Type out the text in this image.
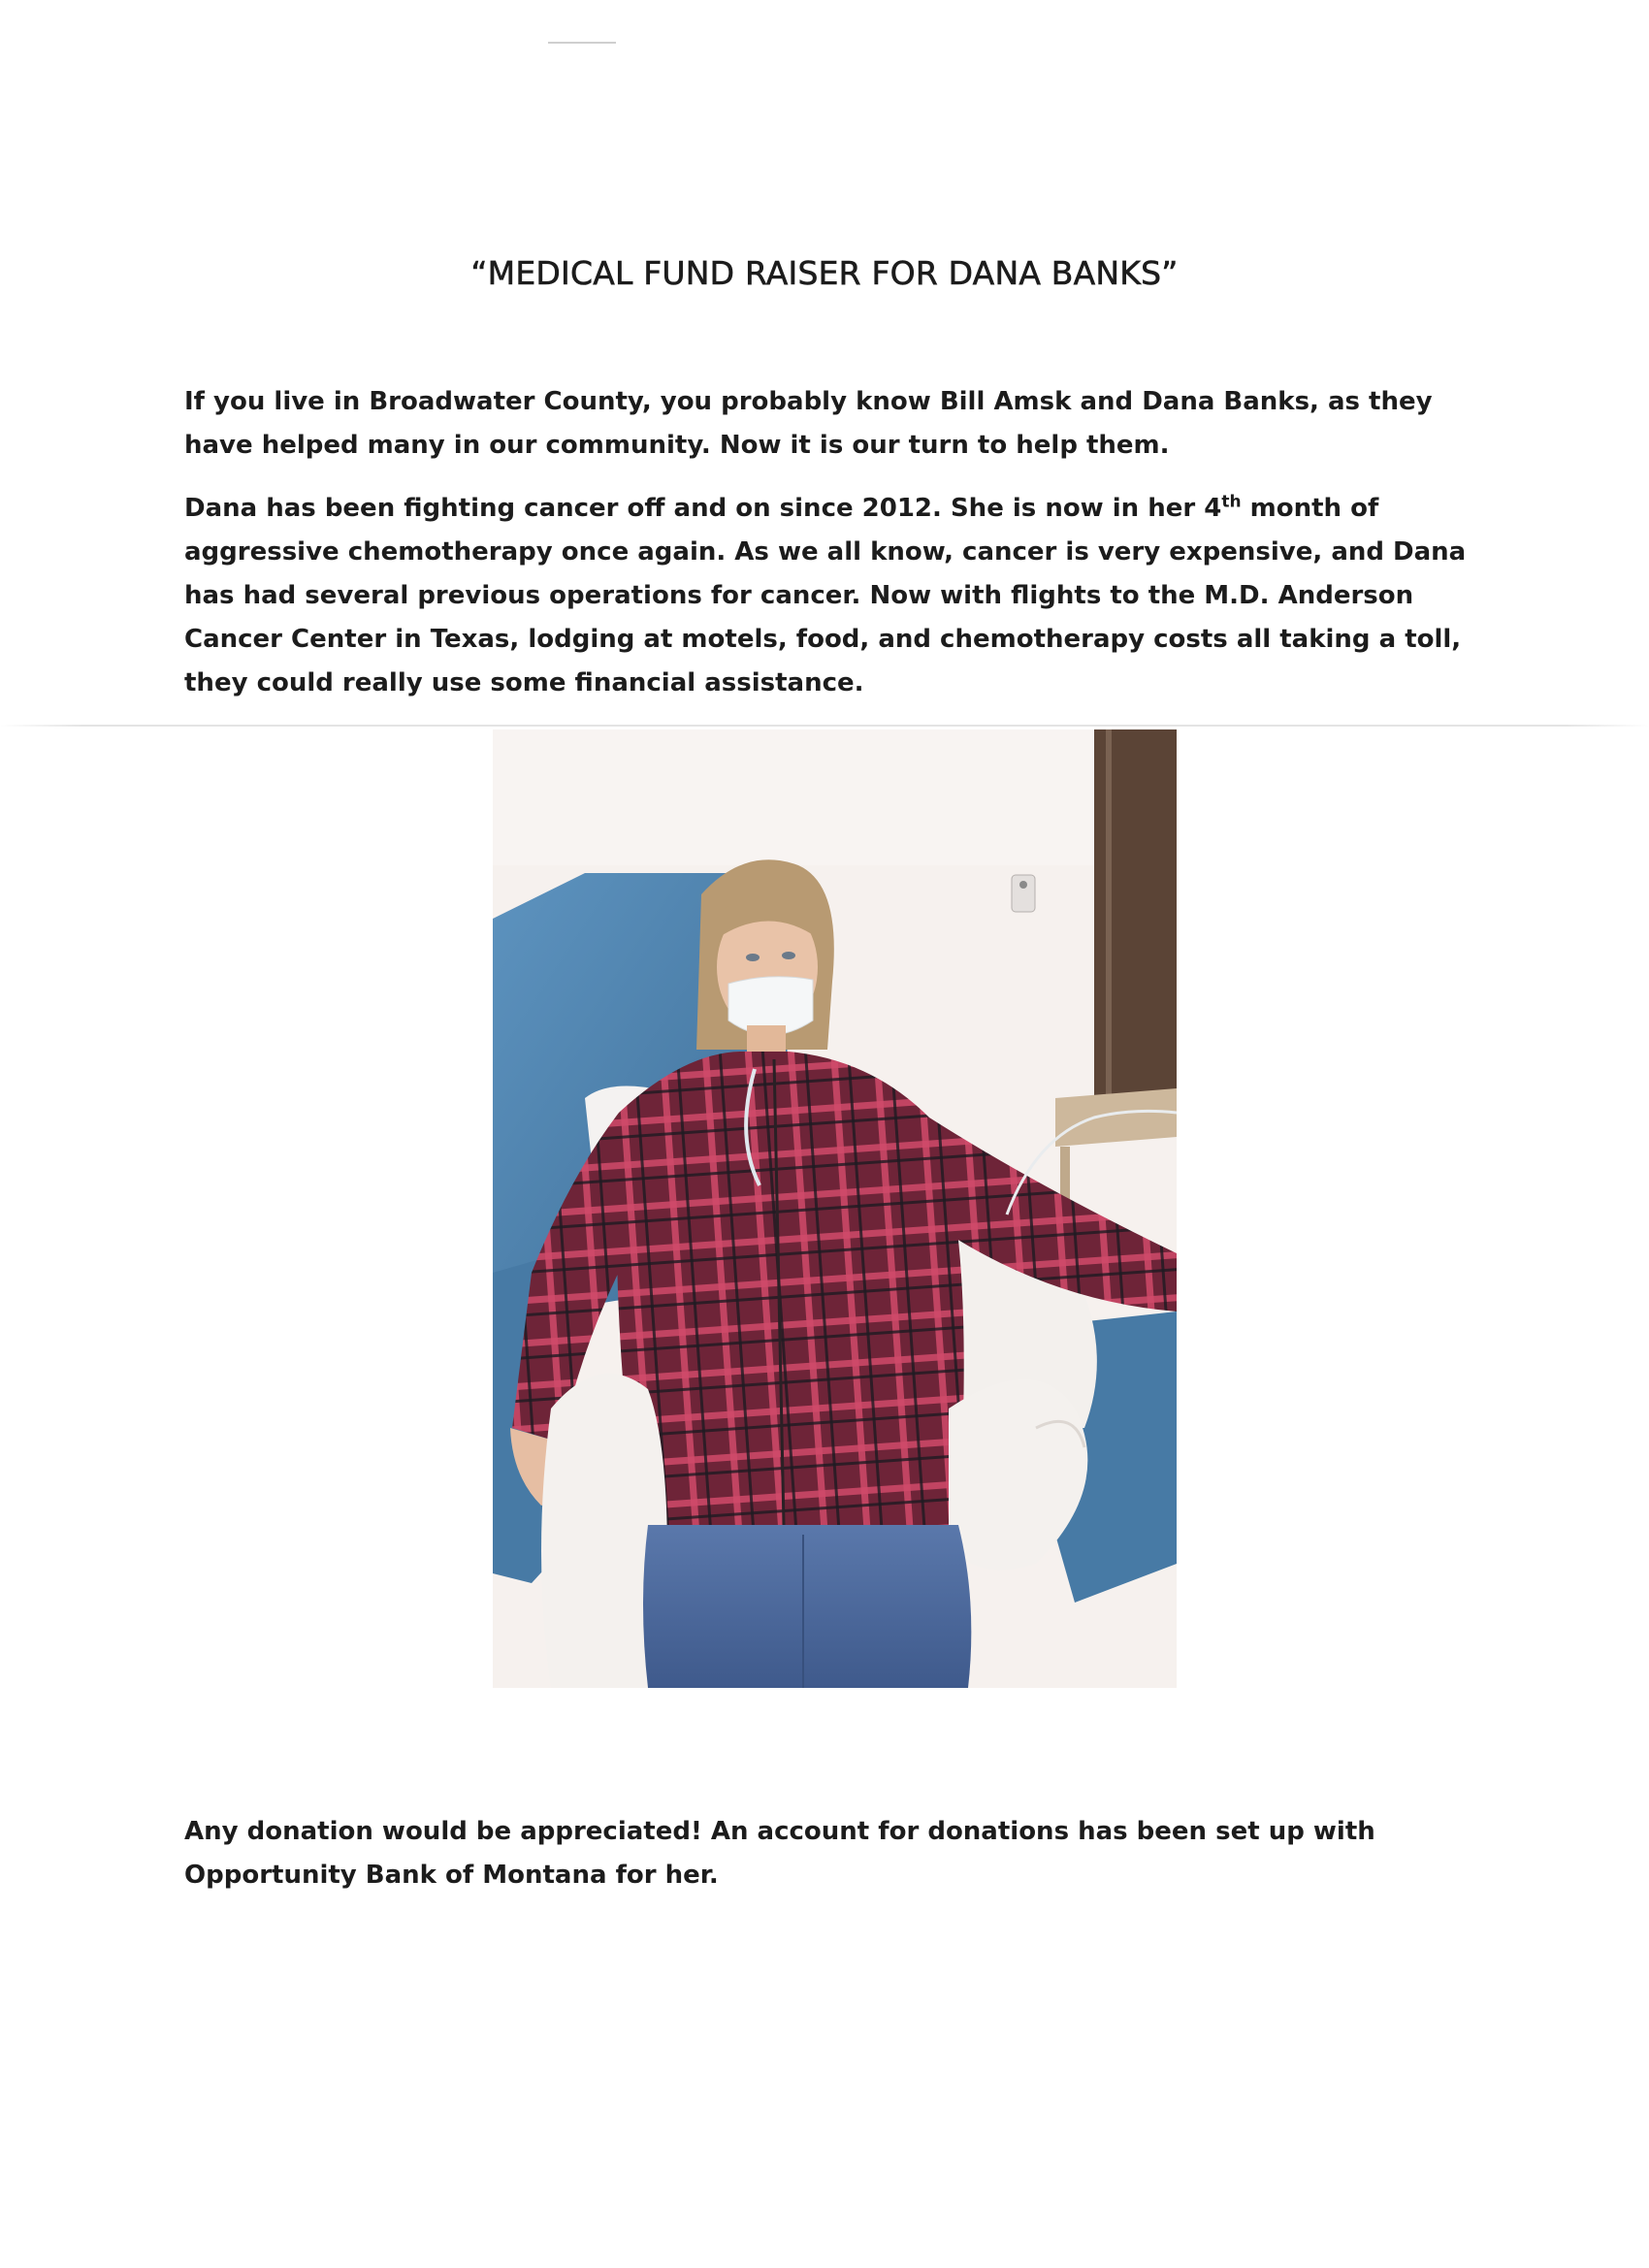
“MEDICAL FUND RAISER FOR DANA BANKS”

If you live in Broadwater County, you probably know Bill Amsk and Dana Banks, as they have helped many in our community. Now it is our turn to help them.

Dana has been fighting cancer off and on since 2012. She is now in her 4th month of aggressive chemotherapy once again. As we all know, cancer is very expensive, and Dana has had several previous operations for cancer. Now with flights to the M.D. Anderson Cancer Center in Texas, lodging at motels, food, and chemotherapy costs all taking a toll, they could really use some financial assistance.

Any donation would be appreciated! An account for donations has been set up with Opportunity Bank of Montana for her.
